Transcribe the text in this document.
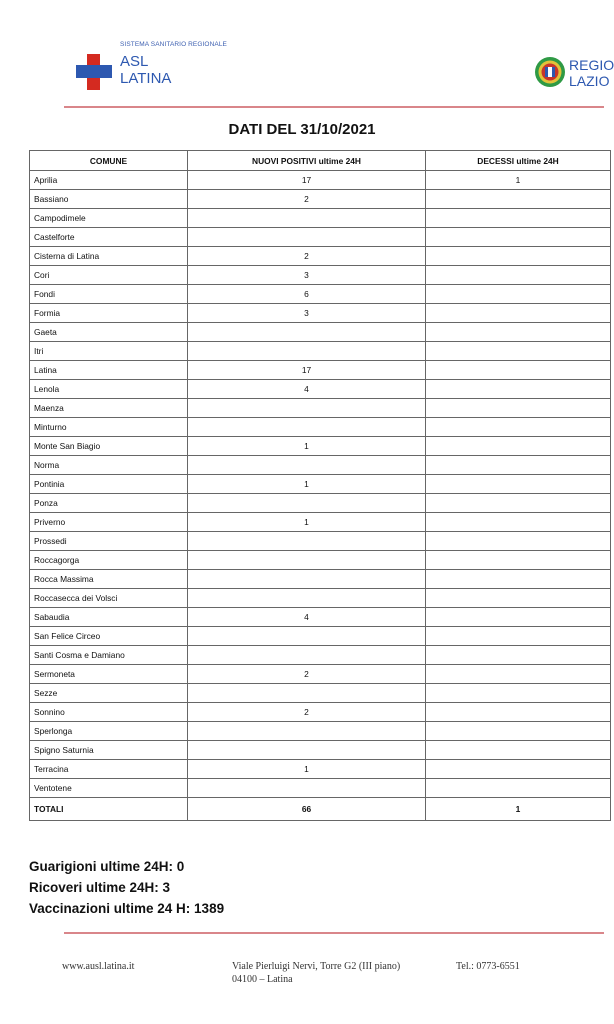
SISTEMA SANITARIO REGIONALE
ASL
LATINA
REGIO
LAZIO
DATI DEL 31/10/2021
COMUNE	NUOVI POSITIVI ultime 24H	DECESSI ultime 24H
Aprilia	17	1
Bassiano	2	
Campodimele		
Castelforte		
Cisterna di Latina	2	
Cori	3	
Fondi	6	
Formia	3	
Gaeta		
Itri		
Latina	17	
Lenola	4	
Maenza		
Minturno		
Monte San Biagio	1	
Norma		
Pontinia	1	
Ponza		
Priverno	1	
Prossedi		
Roccagorga		
Rocca Massima		
Roccasecca dei Volsci		
Sabaudia	4	
San Felice Circeo		
Santi Cosma e Damiano		
Sermoneta	2	
Sezze		
Sonnino	2	
Sperlonga		
Spigno Saturnia		
Terracina	1	
Ventotene		
TOTALI	66	1
Guarigioni ultime 24H: 0
Ricoveri ultime 24H: 3
Vaccinazioni ultime 24 H: 1389
www.ausl.latina.it	Viale Pierluigi Nervi, Torre G2 (III piano)
04100 – Latina
Tel.: 0773-6551
